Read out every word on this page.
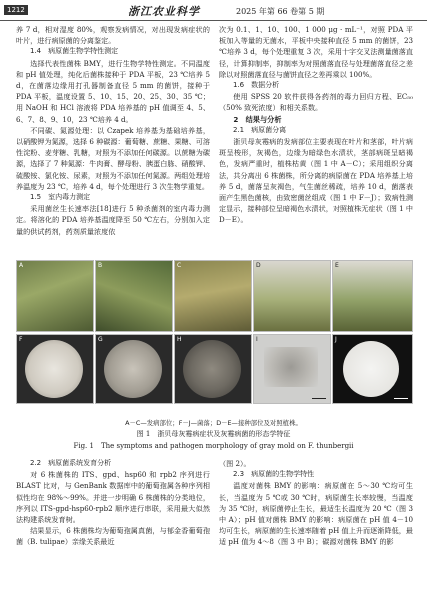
1212	浙江农业科学	2025 年第 66 卷第 5 期

养 7 d，相对湿度 80%，观察发病情况，对出现发病症状的叶片，进行病原菌的分离鉴定。

1.4　病原菌生物学特性测定

选择代表性菌株 BMY，进行生物学特性测定。不同温度和 pH 值处理，纯化后菌株接种于 PDA 平板，23 ℃培养 5 d，在菌落边缘用打孔器制备直径 5 mm 的菌饼，接种于 PDA 平板，温度设置 5、10、15、20、25、30、35 ℃；用 NaOH 和 HCl 溶液将 PDA 培养基的 pH 值调至 4、5、6、7、8、9、10，23 ℃培养 4 d。

不同碳、氮源处理：以 Czapek 培养基为基础培养基，以硝酸钾为氮源，选择 6 种碳源：葡萄糖、蔗糖、果糖、可溶性淀粉、麦芽糖、乳糖，对照为不添加任何碳源。以蔗糖为碳源，选择了 7 种氮源：牛肉膏、酵母粉、胰蛋白胨、硝酸钾、硫酸铵、氯化铵、尿素，对照为不添加任何氮源。两组处理培养温度为 23 ℃，培养 4 d，每个处理进行 3 次生物学重复。

1.5　室内毒力测定

采用菌丝生长速率法[18]进行 5 种杀菌剂的室内毒力测定。将溶化的 PDA 培养基温度降至 50 ℃左右，分别加入定量的供试药剂，药剂质量浓度依

次为 0.1、1、10、100、1 000 μg · mL⁻¹，对照 PDA 平板加入等量的无菌水，平板中央接种直径 5 mm 的菌饼，23 ℃培养 3 d，每个处理重复 3 次，采用十字交叉法测量菌落直径，计算抑制率，抑制率为对照菌落直径与处理菌落直径之差除以对照菌落直径与菌饼直径之差再乘以 100%。

1.6　数据分析

使用 SPSS 20 软件获得各药剂的毒力回归方程、EC₅₀（50% 致死浓度）和相关系数。

2　结果与分析

2.1　病原菌分离

浙贝母灰霉病的发病部位主要表现在叶片和茎部，叶片病斑呈梭形，灰褐色，边缘为暗绿色水渍状，茎部病斑呈暗褐色，发病严重时，植株枯黄（图 1 中 A－C）；采用组织分离法，共分离出 6 株菌株，所分离的病原菌在 PDA 培养基上培养 5 d，菌落呈灰褐色，气生菌丝稀疏，培养 10 d，菌落表面产生黑色菌核，由致密菌丝组成（图 1 中 F－J）；致病性测定显示，接种部位呈暗褐色水渍状，对照植株无症状（图 1 中 D－E）。

A	B	C	D	E
F	G	H	I	J
A－C—发病部位；F－J—菌落；D－E—接种部位及对照植株。
图 1　浙贝母灰霉病症状及灰霉病菌的形态学特征
Fig. 1　The symptoms and pathogen morphology of gray mold on F. thunbergii

2.2　病原菌系统发育分析

对 6 株菌株的 ITS、gpd、hsp60 和 rpb2 序列进行 BLAST 比对，与 GenBank 数据库中的葡萄孢属各种序列相似性均在 98%～99%。并进一步明确 6 株菌株的分类地位，序列以 ITS-gpd-hsp60-rpb2 顺序进行串联，采用最大似然法构建系统发育树。

结果显示，6 株菌株均为葡萄孢属真菌，与郁金香葡萄孢菌（B. tulipae）亲缘关系最近

（图 2）。

2.3　病原菌的生物学特性

温度对菌株 BMY 的影响：病原菌在 5～30 ℃均可生长，当温度为 5 ℃或 30 ℃时，病原菌生长率较慢，当温度为 35 ℃时，病原菌停止生长，最适生长温度为 20 ℃（图 3 中 A）；pH 值对菌株 BMY 的影响：病原菌在 pH 值 4－10 均可生长，病原菌的生长速率随着 pH 值上升而逐渐降低，最适 pH 值为 4～8（图 3 中 B）；碳源对菌株 BMY 的影
